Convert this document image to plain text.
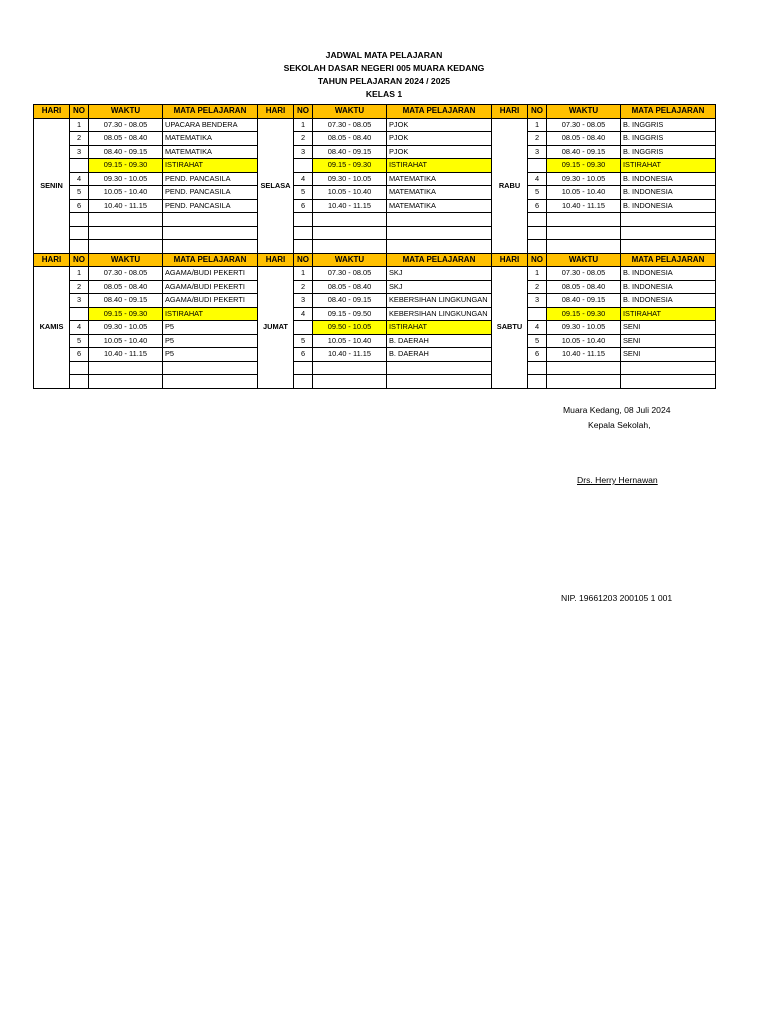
JADWAL MATA PELAJARAN
SEKOLAH DASAR NEGERI 005 MUARA KEDANG
TAHUN PELAJARAN 2024 / 2025
KELAS 1
HARI	NO	WAKTU	MATA PELAJARAN	HARI	NO	WAKTU	MATA PELAJARAN	HARI	NO	WAKTU	MATA PELAJARAN
SENIN	1	07.30 - 08.05	UPACARA BENDERA	SELASA	1	07.30 - 08.05	PJOK	RABU	1	07.30 - 08.05	B. INGGRIS
	2	08.05 - 08.40	MATEMATIKA		2	08.05 - 08.40	PJOK		2	08.05 - 08.40	B. INGGRIS
	3	08.40 - 09.15	MATEMATIKA		3	08.40 - 09.15	PJOK		3	08.40 - 09.15	B. INGGRIS
		09.15 - 09.30	ISTIRAHAT			09.15 - 09.30	ISTIRAHAT			09.15 - 09.30	ISTIRAHAT
	4	09.30 - 10.05	PEND. PANCASILA		4	09.30 - 10.05	MATEMATIKA		4	09.30 - 10.05	B. INDONESIA
	5	10.05 - 10.40	PEND. PANCASILA		5	10.05 - 10.40	MATEMATIKA		5	10.05 - 10.40	B. INDONESIA
	6	10.40 - 11.15	PEND. PANCASILA		6	10.40 - 11.15	MATEMATIKA		6	10.40 - 11.15	B. INDONESIA

HARI	NO	WAKTU	MATA PELAJARAN	HARI	NO	WAKTU	MATA PELAJARAN	HARI	NO	WAKTU	MATA PELAJARAN
KAMIS	1	07.30 - 08.05	AGAMA/BUDI PEKERTI	JUMAT	1	07.30 - 08.05	SKJ	SABTU	1	07.30 - 08.05	B. INDONESIA
	2	08.05 - 08.40	AGAMA/BUDI PEKERTI		2	08.05 - 08.40	SKJ		2	08.05 - 08.40	B. INDONESIA
	3	08.40 - 09.15	AGAMA/BUDI PEKERTI		3	08.40 - 09.15	KEBERSIHAN LINGKUNGAN		3	08.40 - 09.15	B. INDONESIA
		09.15 - 09.30	ISTIRAHAT		4	09.15 - 09.50	KEBERSIHAN LINGKUNGAN			09.15 - 09.30	ISTIRAHAT
	4	09.30 - 10.05	P5			09.50 - 10.05	ISTIRAHAT		4	09.30 - 10.05	SENI
	5	10.05 - 10.40	P5		5	10.05 - 10.40	B. DAERAH		5	10.05 - 10.40	SENI
	6	10.40 - 11.15	P5		6	10.40 - 11.15	B. DAERAH		6	10.40 - 11.15	SENI

Muara Kedang, 08 Juli 2024
Kepala Sekolah,
Drs. Herry Hernawan
NIP. 19661203 200105 1 001
